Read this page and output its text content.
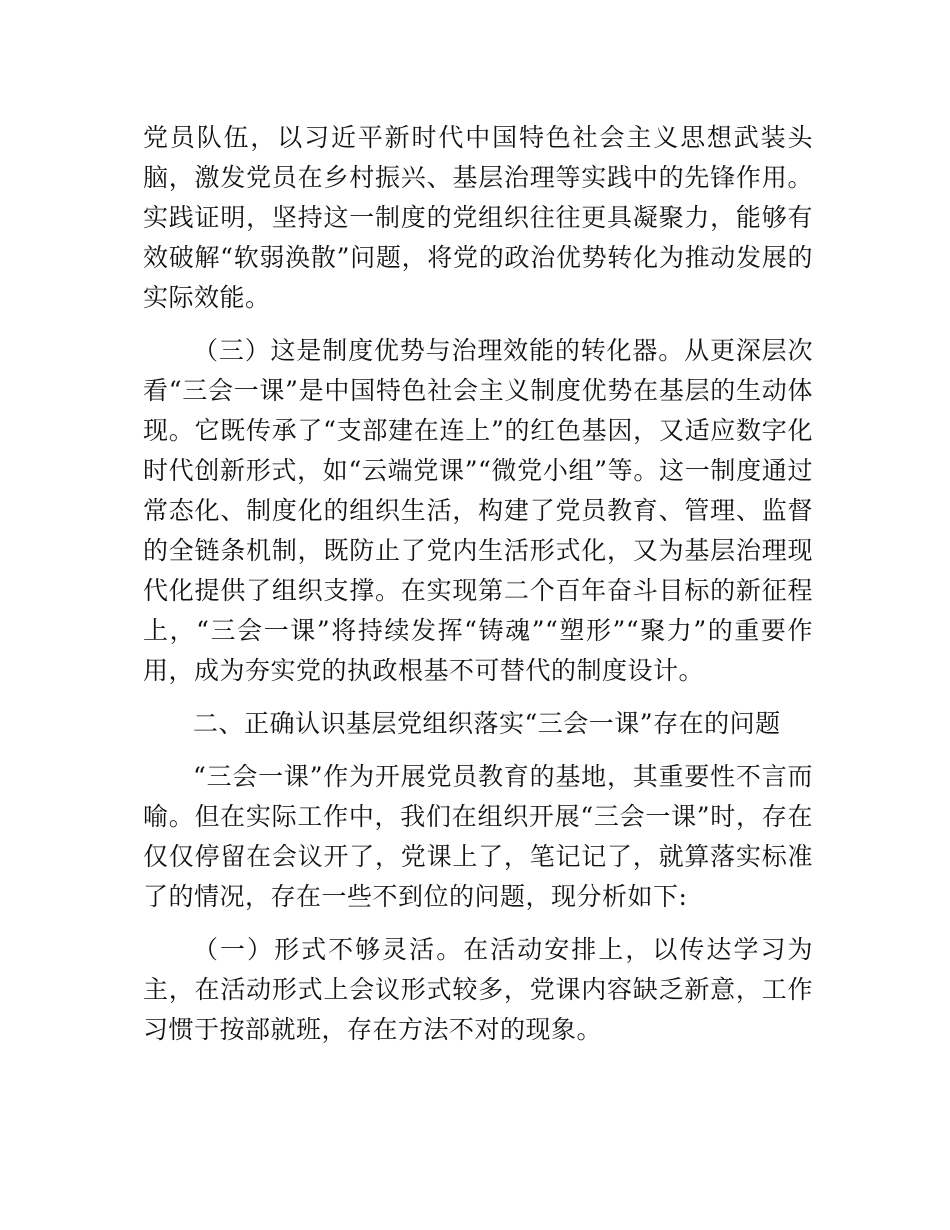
党员队伍，以习近平新时代中国特色社会主义思想武装头脑，激发党员在乡村振兴、基层治理等实践中的先锋作用。实践证明，坚持这一制度的党组织往往更具凝聚力，能够有效破解“软弱涣散”问题，将党的政治优势转化为推动发展的实际效能。

（三）这是制度优势与治理效能的转化器。从更深层次看“三会一课”是中国特色社会主义制度优势在基层的生动体现。它既传承了“支部建在连上”的红色基因，又适应数字化时代创新形式，如“云端党课”“微党小组”等。这一制度通过常态化、制度化的组织生活，构建了党员教育、管理、监督的全链条机制，既防止了党内生活形式化，又为基层治理现代化提供了组织支撑。在实现第二个百年奋斗目标的新征程上，“三会一课”将持续发挥“铸魂”“塑形”“聚力”的重要作用，成为夯实党的执政根基不可替代的制度设计。

二、正确认识基层党组织落实“三会一课”存在的问题

“三会一课”作为开展党员教育的基地，其重要性不言而喻。但在实际工作中，我们在组织开展“三会一课”时，存在仅仅停留在会议开了，党课上了，笔记记了，就算落实标准了的情况，存在一些不到位的问题，现分析如下:

（一）形式不够灵活。在活动安排上，以传达学习为主，在活动形式上会议形式较多，党课内容缺乏新意，工作习惯于按部就班，存在方法不对的现象。
